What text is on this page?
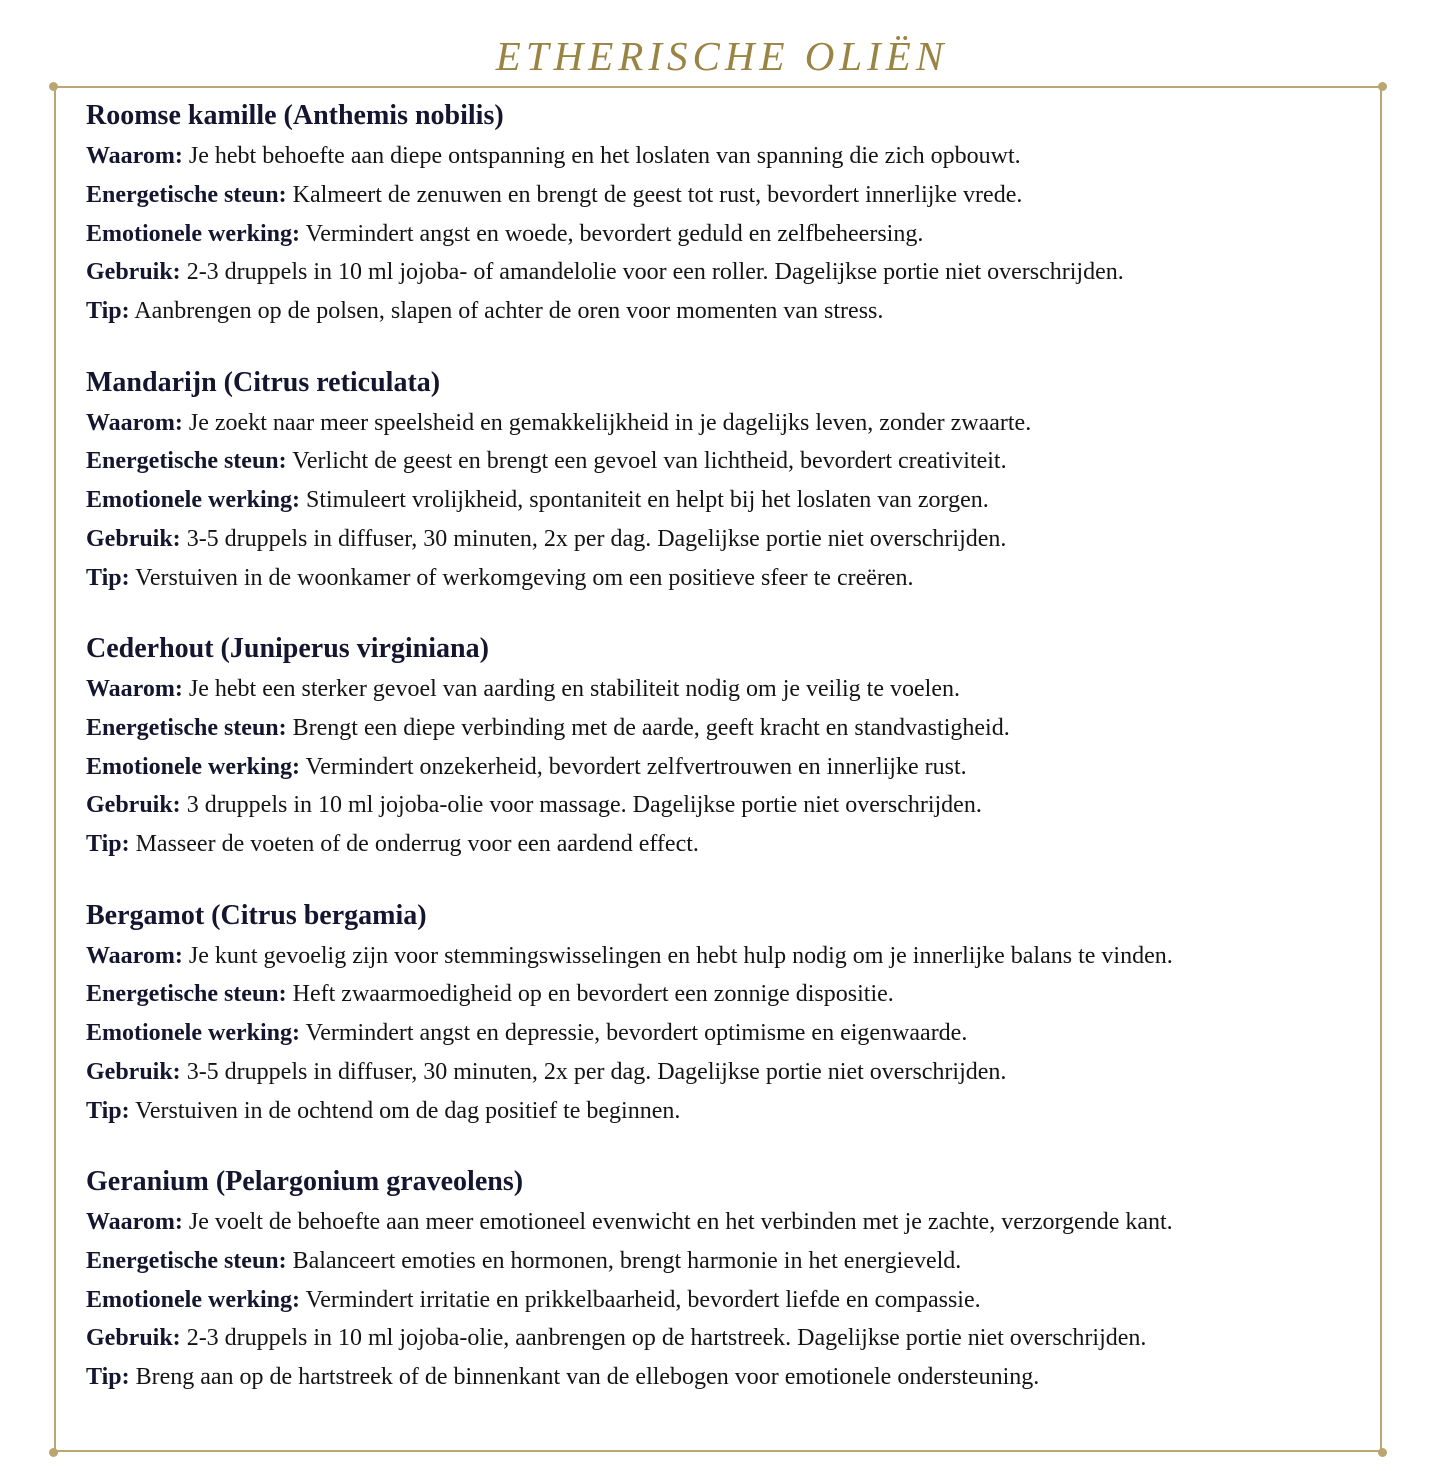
ETHERISCHE OLIËN
Roomse kamille (Anthemis nobilis)

Waarom: Je hebt behoefte aan diepe ontspanning en het loslaten van spanning die zich opbouwt.

Energetische steun: Kalmeert de zenuwen en brengt de geest tot rust, bevordert innerlijke vrede.

Emotionele werking: Vermindert angst en woede, bevordert geduld en zelfbeheersing.

Gebruik: 2-3 druppels in 10 ml jojoba- of amandelolie voor een roller. Dagelijkse portie niet overschrijden.

Tip: Aanbrengen op de polsen, slapen of achter de oren voor momenten van stress.

Mandarijn (Citrus reticulata)

Waarom: Je zoekt naar meer speelsheid en gemakkelijkheid in je dagelijks leven, zonder zwaarte.

Energetische steun: Verlicht de geest en brengt een gevoel van lichtheid, bevordert creativiteit.

Emotionele werking: Stimuleert vrolijkheid, spontaniteit en helpt bij het loslaten van zorgen.

Gebruik: 3-5 druppels in diffuser, 30 minuten, 2x per dag. Dagelijkse portie niet overschrijden.

Tip: Verstuiven in de woonkamer of werkomgeving om een positieve sfeer te creëren.

Cederhout (Juniperus virginiana)

Waarom: Je hebt een sterker gevoel van aarding en stabiliteit nodig om je veilig te voelen.

Energetische steun: Brengt een diepe verbinding met de aarde, geeft kracht en standvastigheid.

Emotionele werking: Vermindert onzekerheid, bevordert zelfvertrouwen en innerlijke rust.

Gebruik: 3 druppels in 10 ml jojoba-olie voor massage. Dagelijkse portie niet overschrijden.

Tip: Masseer de voeten of de onderrug voor een aardend effect.

Bergamot (Citrus bergamia)

Waarom: Je kunt gevoelig zijn voor stemmingswisselingen en hebt hulp nodig om je innerlijke balans te vinden.

Energetische steun: Heft zwaarmoedigheid op en bevordert een zonnige dispositie.

Emotionele werking: Vermindert angst en depressie, bevordert optimisme en eigenwaarde.

Gebruik: 3-5 druppels in diffuser, 30 minuten, 2x per dag. Dagelijkse portie niet overschrijden.

Tip: Verstuiven in de ochtend om de dag positief te beginnen.

Geranium (Pelargonium graveolens)

Waarom: Je voelt de behoefte aan meer emotioneel evenwicht en het verbinden met je zachte, verzorgende kant.

Energetische steun: Balanceert emoties en hormonen, brengt harmonie in het energieveld.

Emotionele werking: Vermindert irritatie en prikkelbaarheid, bevordert liefde en compassie.

Gebruik: 2-3 druppels in 10 ml jojoba-olie, aanbrengen op de hartstreek. Dagelijkse portie niet overschrijden.

Tip: Breng aan op de hartstreek of de binnenkant van de ellebogen voor emotionele ondersteuning.
